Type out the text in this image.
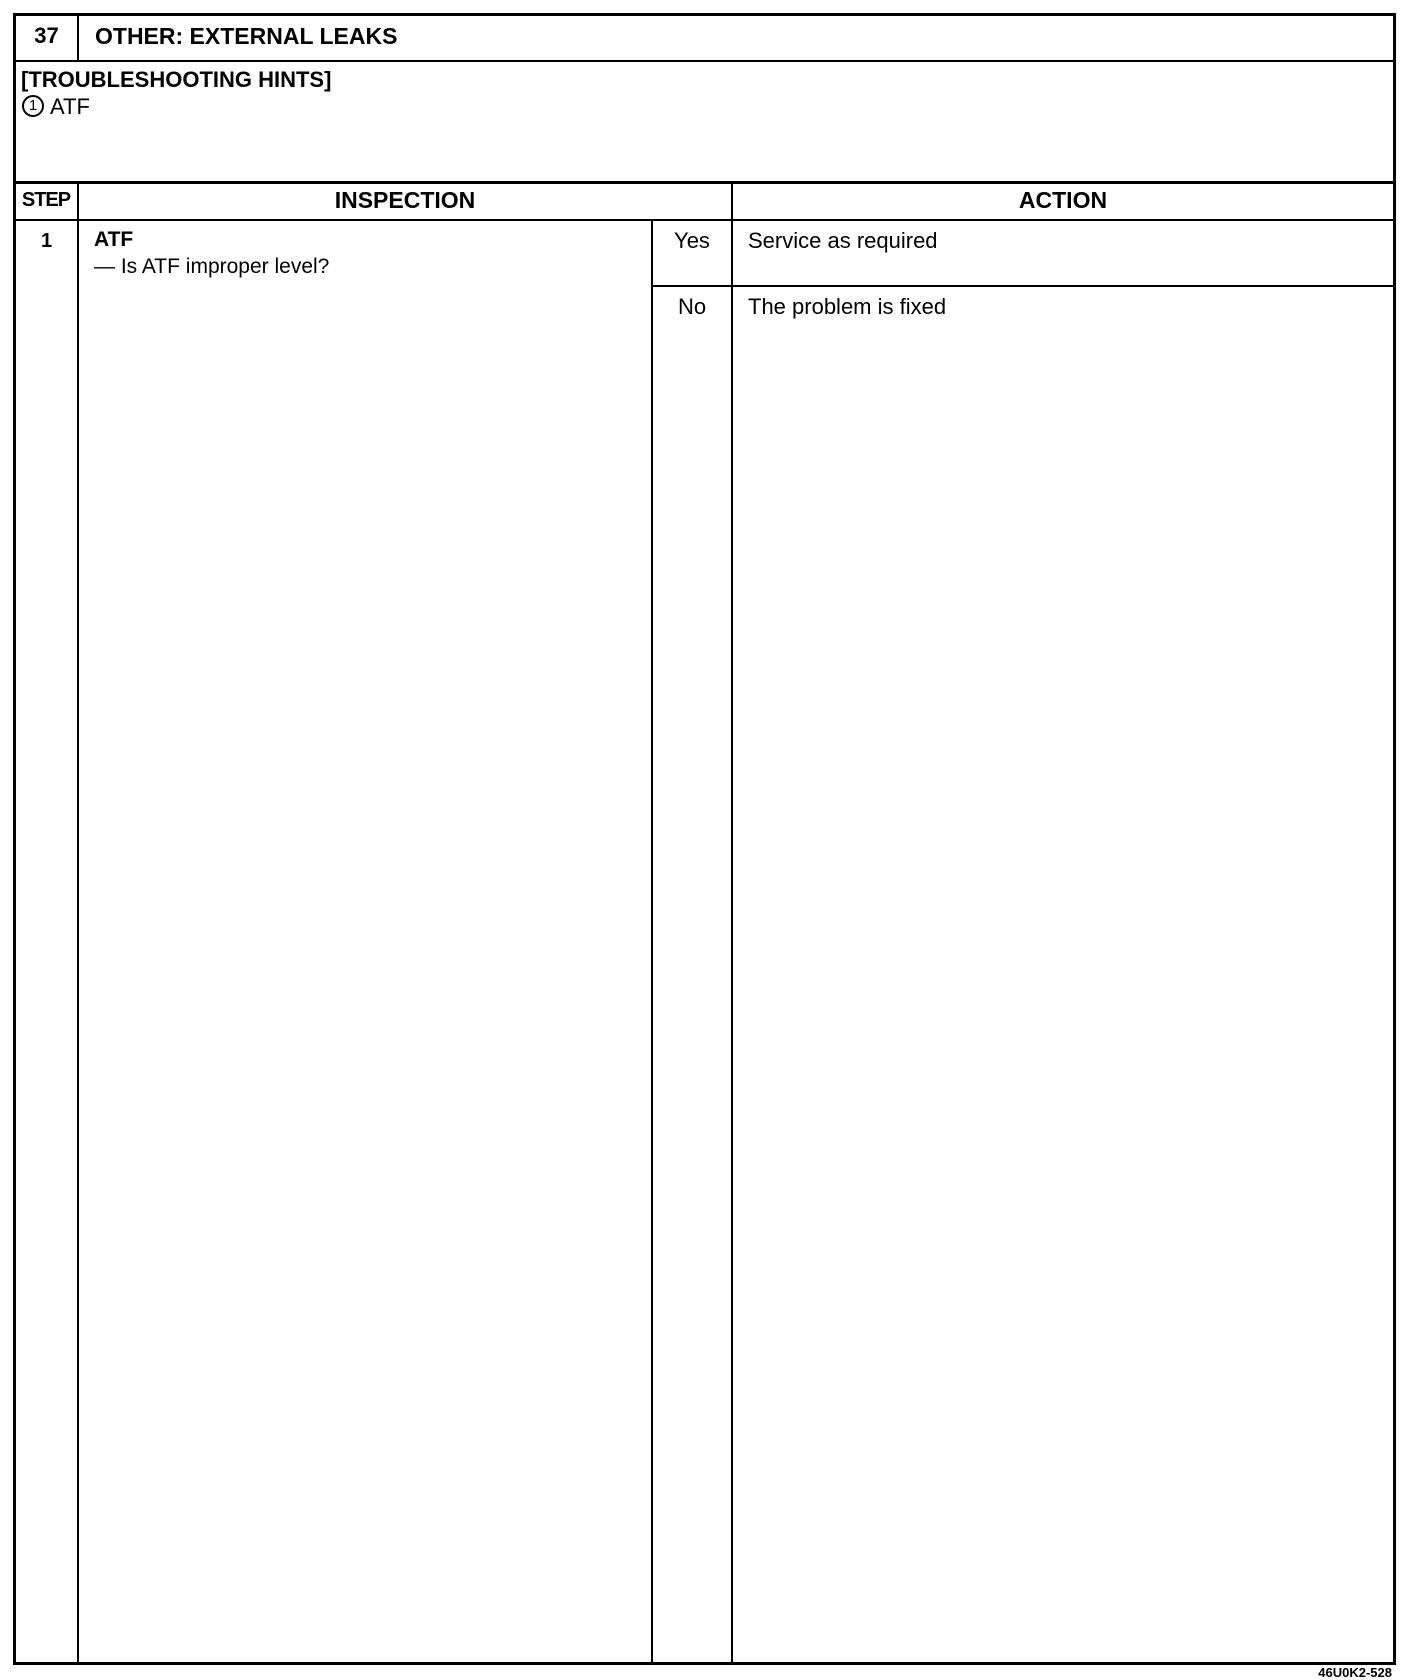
37	OTHER: EXTERNAL LEAKS
[TROUBLESHOOTING HINTS]
1 ATF
STEP	INSPECTION	ACTION
1	ATF
— Is ATF improper level?
Yes	Service as required
No	The problem is fixed
46U0K2-528
